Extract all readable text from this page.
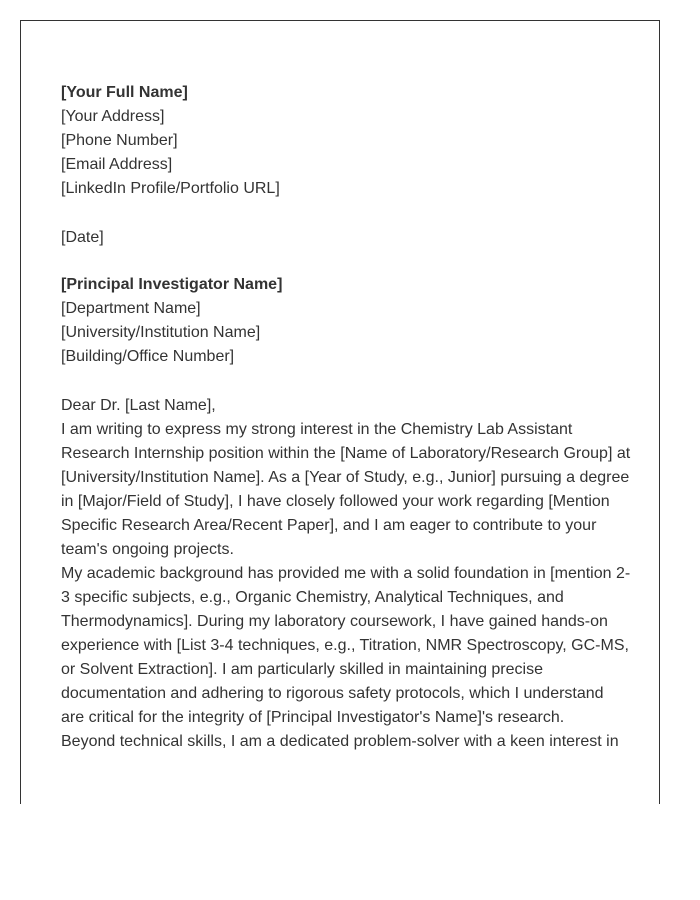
[Your Full Name]
[Your Address]
[Phone Number]
[Email Address]
[LinkedIn Profile/Portfolio URL]
[Date]
[Principal Investigator Name]
[Department Name]
[University/Institution Name]
[Building/Office Number]
Dear Dr. [Last Name],

I am writing to express my strong interest in the Chemistry Lab Assistant Research Internship position within the [Name of Laboratory/Research Group] at [University/Institution Name]. As a [Year of Study, e.g., Junior] pursuing a degree in [Major/Field of Study], I have closely followed your work regarding [Mention Specific Research Area/Recent Paper], and I am eager to contribute to your team's ongoing projects.

My academic background has provided me with a solid foundation in [mention 2-3 specific subjects, e.g., Organic Chemistry, Analytical Techniques, and Thermodynamics]. During my laboratory coursework, I have gained hands-on experience with [List 3-4 techniques, e.g., Titration, NMR Spectroscopy, GC-MS, or Solvent Extraction]. I am particularly skilled in maintaining precise documentation and adhering to rigorous safety protocols, which I understand are critical for the integrity of [Principal Investigator's Name]'s research.

Beyond technical skills, I am a dedicated problem-solver with a keen interest in
